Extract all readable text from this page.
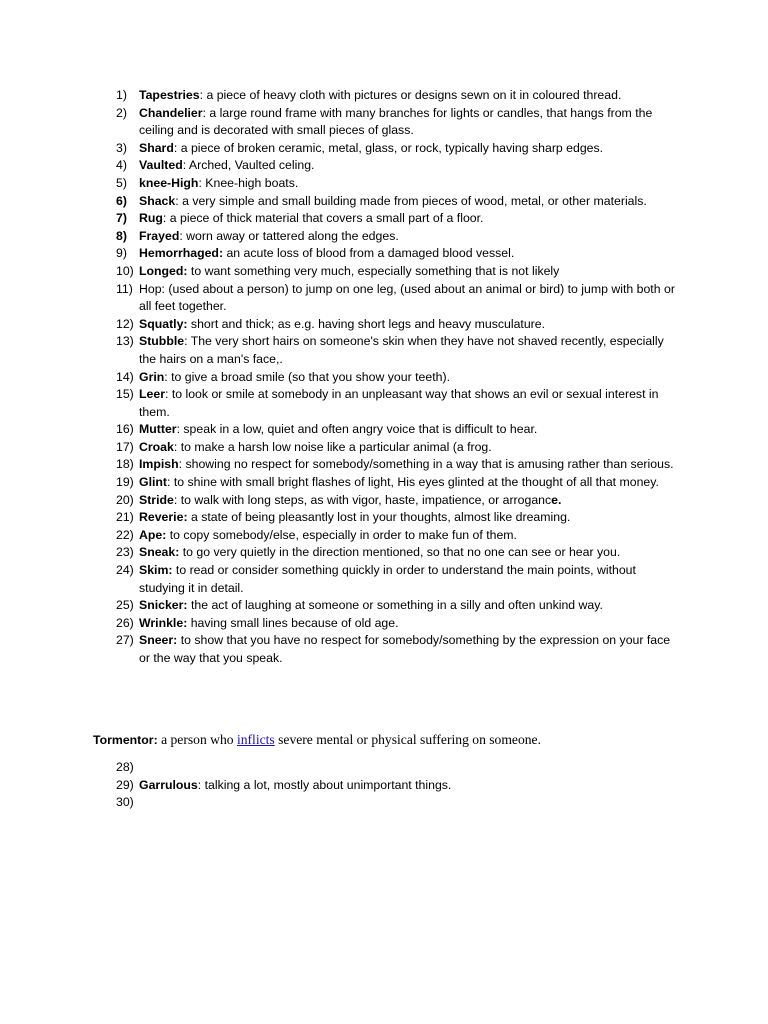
1) Tapestries: a piece of heavy cloth with pictures or designs sewn on it in coloured thread.
2) Chandelier: a large round frame with many branches for lights or candles, that hangs from the ceiling and is decorated with small pieces of glass.
3) Shard: a piece of broken ceramic, metal, glass, or rock, typically having sharp edges.
4) Vaulted: Arched, Vaulted celing.
5) knee-High: Knee-high boats.
6) Shack: a very simple and small building made from pieces of wood, metal, or other materials.
7) Rug: a piece of thick material that covers a small part of a floor.
8) Frayed: worn away or tattered along the edges.
9) Hemorrhaged: an acute loss of blood from a damaged blood vessel.
10) Longed: to want something very much, especially something that is not likely
11) Hop: (used about a person) to jump on one leg, (used about an animal or bird) to jump with both or all feet together.
12) Squatly: short and thick; as e.g. having short legs and heavy musculature.
13) Stubble: The very short hairs on someone's skin when they have not shaved recently, especially the hairs on a man's face,.
14) Grin: to give a broad smile (so that you show your teeth).
15) Leer: to look or smile at somebody in an unpleasant way that shows an evil or sexual interest in them.
16) Mutter: speak in a low, quiet and often angry voice that is difficult to hear.
17) Croak: to make a harsh low noise like a particular animal (a frog.
18) Impish: showing no respect for somebody/something in a way that is amusing rather than serious.
19) Glint: to shine with small bright flashes of light, His eyes glinted at the thought of all that money.
20) Stride: to walk with long steps, as with vigor, haste, impatience, or arrogance.
21) Reverie: a state of being pleasantly lost in your thoughts, almost like dreaming.
22) Ape: to copy somebody/else, especially in order to make fun of them.
23) Sneak: to go very quietly in the direction mentioned, so that no one can see or hear you.
24) Skim: to read or consider something quickly in order to understand the main points, without studying it in detail.
25) Snicker: the act of laughing at someone or something in a silly and often unkind way.
26) Wrinkle: having small lines because of old age.
27) Sneer: to show that you have no respect for somebody/something by the expression on your face or the way that you speak.

Tormentor: a person who inflicts severe mental or physical suffering on someone.

28)
29) Garrulous: talking a lot, mostly about unimportant things.
30)
